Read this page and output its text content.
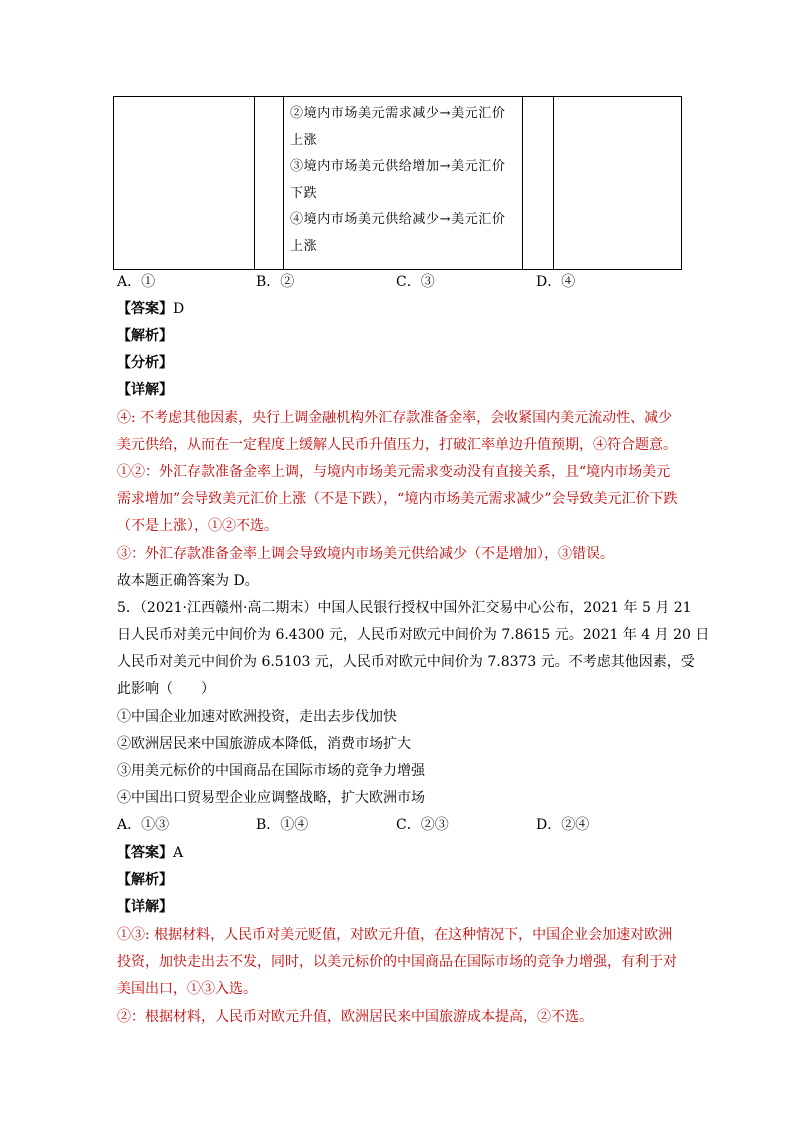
②境内市场美元需求减少→美元汇价
上涨
③境内市场美元供给增加→美元汇价
下跌
④境内市场美元供给减少→美元汇价
上涨

A．①	B．②	C．③	D．④
【答案】D
【解析】
【分析】
【详解】
④: 不考虑其他因素，央行上调金融机构外汇存款准备金率，会收紧国内美元流动性、减少
美元供给，从而在一定程度上缓解人民币升值压力，打破汇率单边升值预期，④符合题意。
①②：外汇存款准备金率上调，与境内市场美元需求变动没有直接关系，且“境内市场美元
需求增加”会导致美元汇价上涨（不是下跌），“境内市场美元需求减少”会导致美元汇价下跌
（不是上涨），①②不选。
③：外汇存款准备金率上调会导致境内市场美元供给减少（不是增加），③错误。
故本题正确答案为 D。
5．（2021·江西赣州·高二期末）中国人民银行授权中国外汇交易中心公布，2021 年 5 月 21
日人民币对美元中间价为 6.4300 元，人民币对欧元中间价为 7.8615 元。2021 年 4 月 20 日
人民币对美元中间价为 6.5103 元，人民币对欧元中间价为 7.8373 元。不考虑其他因素，受
此影响（　　）
①中国企业加速对欧洲投资，走出去步伐加快
②欧洲居民来中国旅游成本降低，消费市场扩大
③用美元标价的中国商品在国际市场的竞争力增强
④中国出口贸易型企业应调整战略，扩大欧洲市场
A．①③	B．①④	C．②③	D．②④
【答案】A
【解析】
【详解】
①③: 根据材料，人民币对美元贬值，对欧元升值，在这种情况下，中国企业会加速对欧洲
投资，加快走出去不发，同时，以美元标价的中国商品在国际市场的竞争力增强，有利于对
美国出口，①③入选。
②：根据材料，人民币对欧元升值，欧洲居民来中国旅游成本提高，②不选。
